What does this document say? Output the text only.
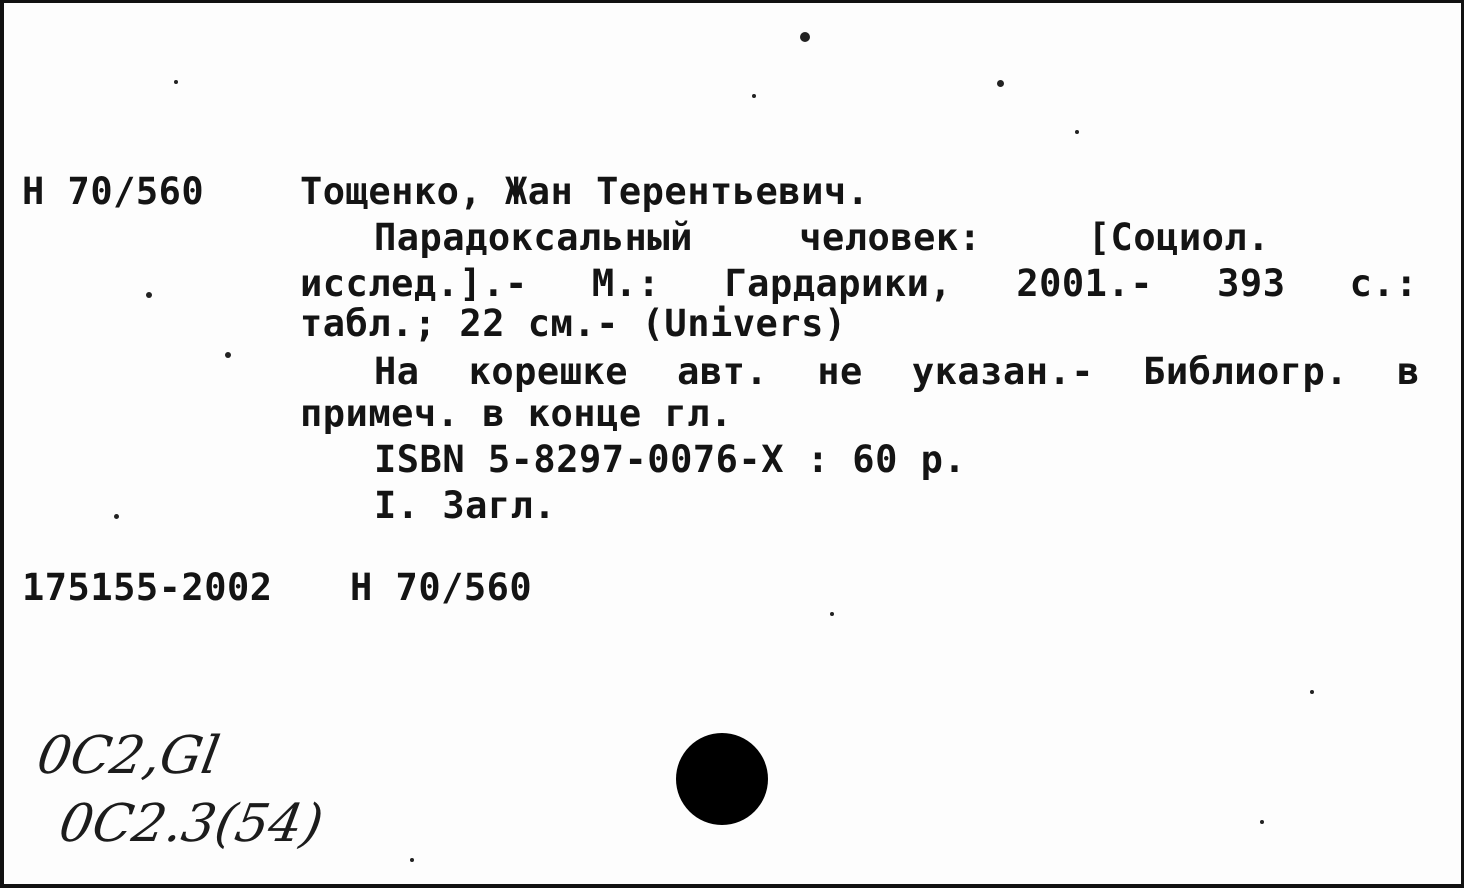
Н 70/560	Тощенко, Жан Терентьевич.
Парадоксальный	человек:	[Социол.
исслед.].- М.: Гардарики, 2001.- 393 с.:
табл.; 22 см.- (Univers)
На корешке авт. не указан.- Библиогр. в
примеч. в конце гл.
ISBN 5-8297-0076-X : 60 р.
I. Загл.
175155-2002 Н 70/560
0С2,Gl
0С2.3(54)
